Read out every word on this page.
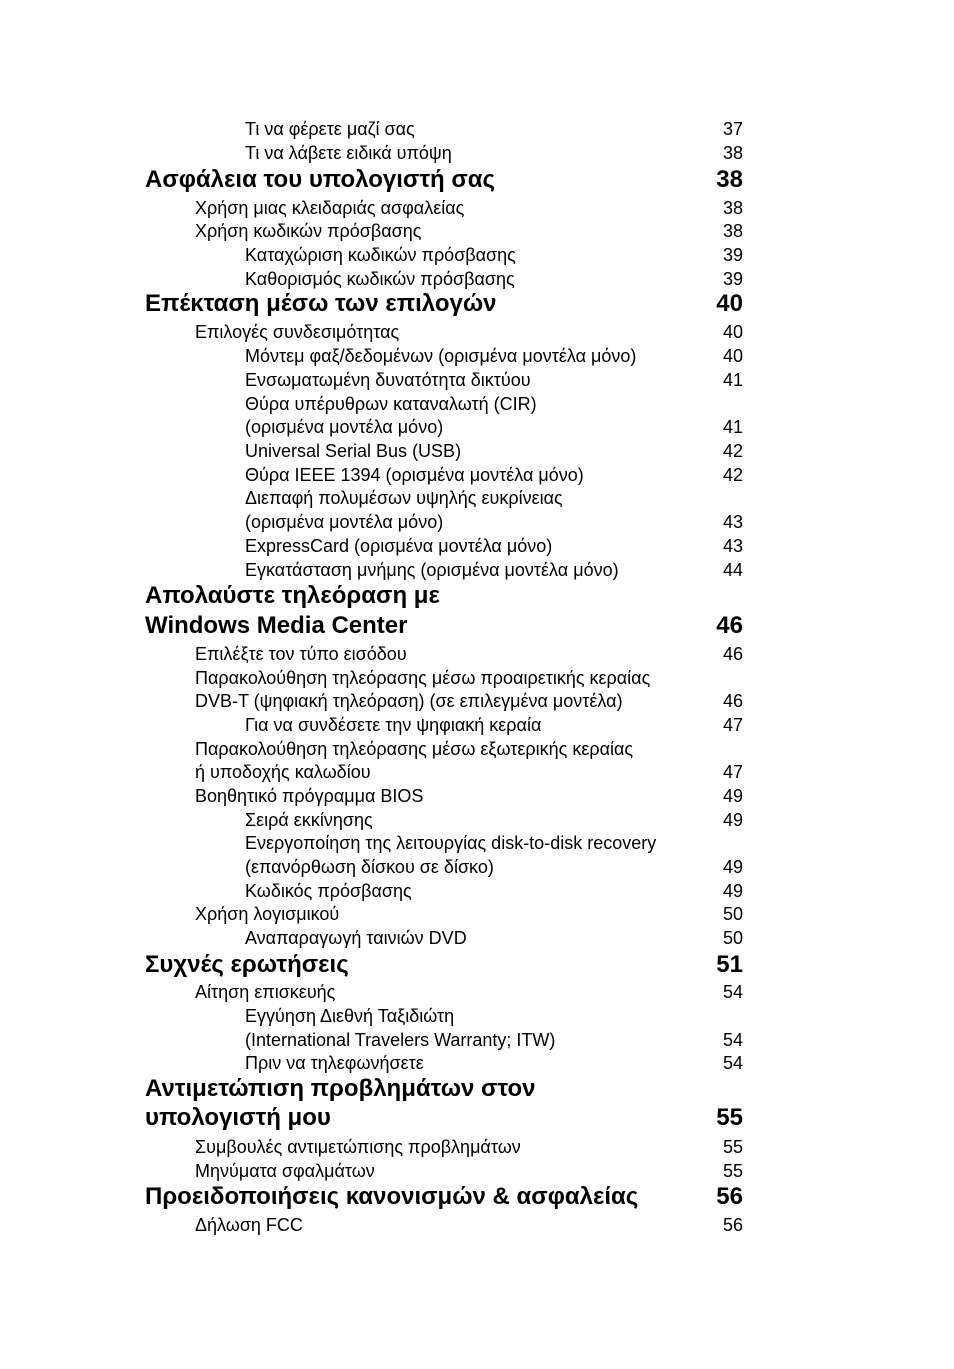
Τι να φέρετε μαζί σας	37
Τι να λάβετε ειδικά υπόψη	38
Ασφάλεια του υπολογιστή σας	38
Χρήση μιας κλειδαριάς ασφαλείας	38
Χρήση κωδικών πρόσβασης	38
Καταχώριση κωδικών πρόσβασης	39
Καθορισμός κωδικών πρόσβασης	39
Επέκταση μέσω των επιλογών	40
Επιλογές συνδεσιμότητας	40
Μόντεμ φαξ/δεδομένων (ορισμένα μοντέλα μόνο)	40
Ενσωματωμένη δυνατότητα δικτύου	41
Θύρα υπέρυθρων καταναλωτή (CIR)
(ορισμένα μοντέλα μόνο)	41
Universal Serial Bus (USB)	42
Θύρα IEEE 1394 (ορισμένα μοντέλα μόνο)	42
Διεπαφή πολυμέσων υψηλής ευκρίνειας
(ορισμένα μοντέλα μόνο)	43
ExpressCard (ορισμένα μοντέλα μόνο)	43
Εγκατάσταση μνήμης (ορισμένα μοντέλα μόνο)	44
Απολαύστε τηλεόραση με
Windows Media Center	46
Επιλέξτε τον τύπο εισόδου	46
Παρακολούθηση τηλεόρασης μέσω προαιρετικής κεραίας
DVB-T (ψηφιακή τηλεόραση) (σε επιλεγμένα μοντέλα)	46
Για να συνδέσετε την ψηφιακή κεραία	47
Παρακολούθηση τηλεόρασης μέσω εξωτερικής κεραίας
ή υποδοχής καλωδίου	47
Βοηθητικό πρόγραμμα BIOS	49
Σειρά εκκίνησης	49
Ενεργοποίηση της λειτουργίας disk-to-disk recovery
(επανόρθωση δίσκου σε δίσκο)	49
Κωδικός πρόσβασης	49
Χρήση λογισμικού	50
Αναπαραγωγή ταινιών DVD	50
Συχνές ερωτήσεις	51
Αίτηση επισκευής	54
Εγγύηση Διεθνή Ταξιδιώτη
(International Travelers Warranty; ITW)	54
Πριν να τηλεφωνήσετε	54
Αντιμετώπιση προβλημάτων στον
υπολογιστή μου	55
Συμβουλές αντιμετώπισης προβλημάτων	55
Μηνύματα σφαλμάτων	55
Προειδοποιήσεις κανονισμών & ασφαλείας	56
Δήλωση FCC	56
